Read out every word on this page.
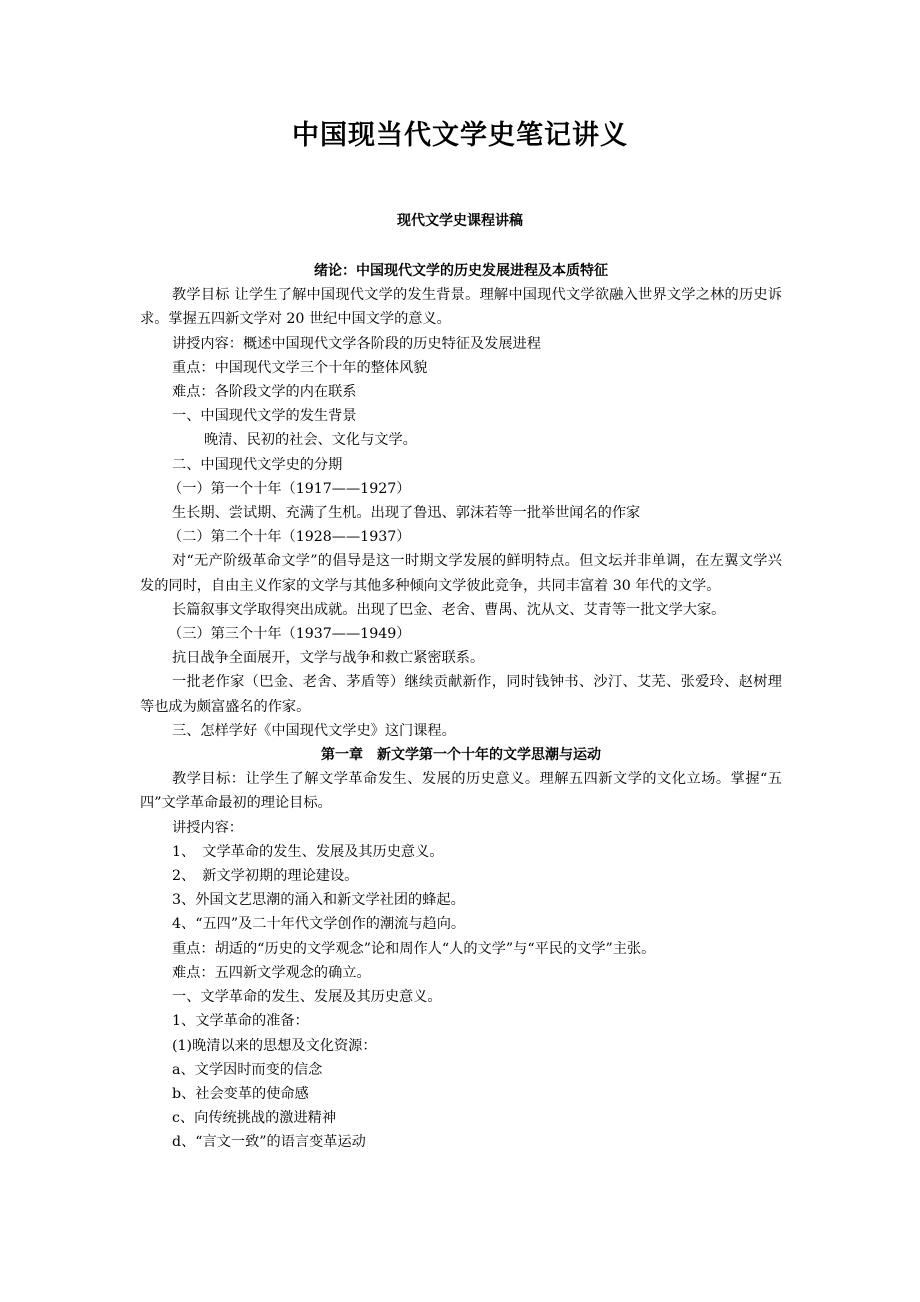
中国现当代文学史笔记讲义
现代文学史课程讲稿
绪论：中国现代文学的历史发展进程及本质特征
教学目标 让学生了解中国现代文学的发生背景。理解中国现代文学欲融入世界文学之林的历史诉求。掌握五四新文学对 20 世纪中国文学的意义。
讲授内容：概述中国现代文学各阶段的历史特征及发展进程
重点：中国现代文学三个十年的整体风貌
难点：各阶段文学的内在联系
一、中国现代文学的发生背景
晚清、民初的社会、文化与文学。
二、中国现代文学史的分期
（一）第一个十年（1917——1927）
生长期、尝试期、充满了生机。出现了鲁迅、郭沫若等一批举世闻名的作家
（二）第二个十年（1928——1937）
对“无产阶级革命文学”的倡导是这一时期文学发展的鲜明特点。但文坛并非单调，在左翼文学兴发的同时，自由主义作家的文学与其他多种倾向文学彼此竞争，共同丰富着 30 年代的文学。
长篇叙事文学取得突出成就。出现了巴金、老舍、曹禺、沈从文、艾青等一批文学大家。
（三）第三个十年（1937——1949）
抗日战争全面展开，文学与战争和救亡紧密联系。
一批老作家（巴金、老舍、茅盾等）继续贡献新作，同时钱钟书、沙汀、艾芜、张爱玲、赵树理等也成为颇富盛名的作家。
三、怎样学好《中国现代文学史》这门课程。
第一章　新文学第一个十年的文学思潮与运动
教学目标：让学生了解文学革命发生、发展的历史意义。理解五四新文学的文化立场。掌握“五四”文学革命最初的理论目标。
讲授内容：
1、　文学革命的发生、发展及其历史意义。
2、　新文学初期的理论建设。
3、外国文艺思潮的涌入和新文学社团的蜂起。
4、“五四”及二十年代文学创作的潮流与趋向。
重点：胡适的“历史的文学观念”论和周作人“人的文学”与“平民的文学”主张。
难点：五四新文学观念的确立。
一、文学革命的发生、发展及其历史意义。
1、文学革命的准备：
(1)晚清以来的思想及文化资源：
a、文学因时而变的信念
b、社会变革的使命感
c、向传统挑战的激进精神
d、“言文一致”的语言变革运动
